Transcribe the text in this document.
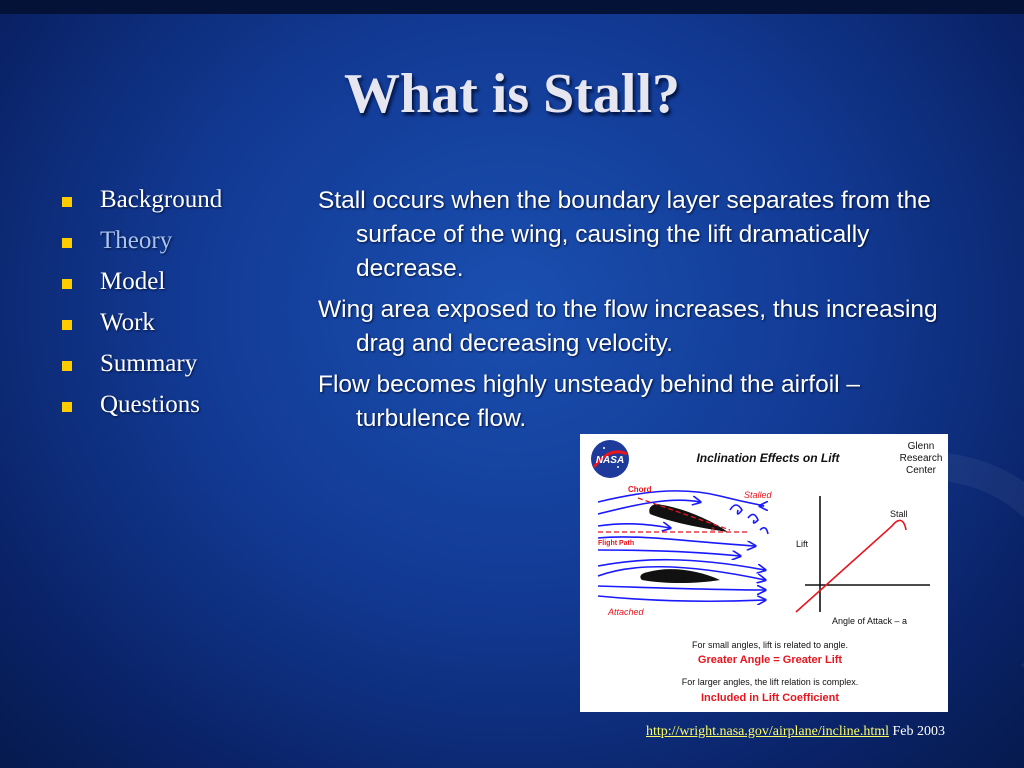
What is Stall?
Background
Theory
Model
Work
Summary
Questions

Stall occurs when the boundary layer separates from the surface of the wing, causing the lift dramatically decrease.

Wing area exposed to the flow increases, thus increasing drag and decreasing velocity.

Flow becomes highly unsteady behind the airfoil – turbulence flow.

NASA	Inclination Effects on Lift
Glenn
Research
Center
Chord
Stalled
Flight Path
a
Attached
Lift
Stall
Angle of Attack – a
For small angles, lift is related to angle.
Greater Angle = Greater Lift
For larger angles, the lift relation is complex.
Included in Lift Coefficient
http://wright.nasa.gov/airplane/incline.html Feb 2003
